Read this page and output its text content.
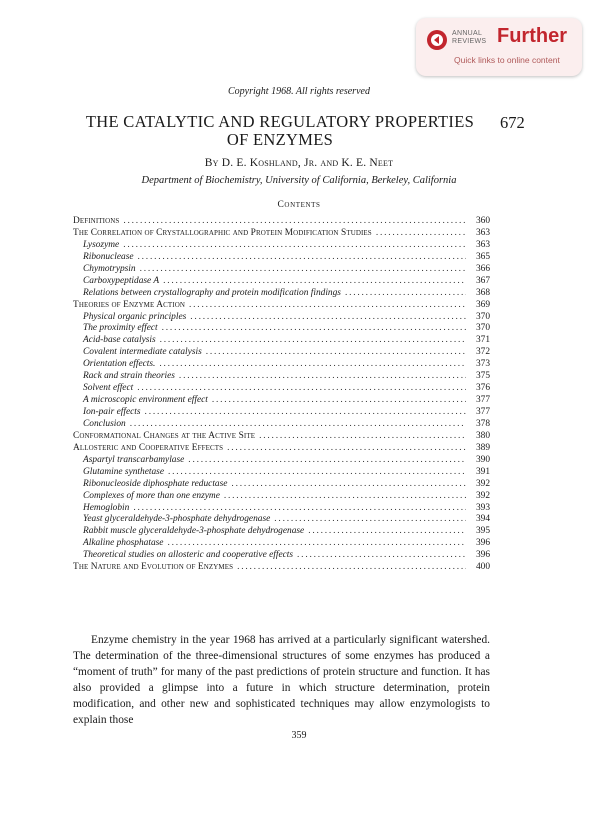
ANNUAL
REVIEWS Further
Quick links to online content
Copyright 1968. All rights reserved
THE CATALYTIC AND REGULATORY PROPERTIES
OF ENZYMES
672
By D. E. Koshland, Jr. and K. E. Neet
Department of Biochemistry, University of California, Berkeley, California
Contents
Definitions .....	360
The Correlation of Crystallographic and Protein Modification Studies .....	363
Lysozyme .....	363
Ribonuclease .....	365
Chymotrypsin .....	366
Carboxypeptidase A .....	367
Relations between crystallography and protein modification findings .....	368
Theories of Enzyme Action .....	369
Physical organic principles .....	370
The proximity effect .....	370
Acid-base catalysis .....	371
Covalent intermediate catalysis .....	372
Orientation effects. .....	373
Rack and strain theories .....	375
Solvent effect .....	376
A microscopic environment effect .....	377
Ion-pair effects .....	377
Conclusion .....	378
Conformational Changes at the Active Site .....	380
Allosteric and Cooperative Effects .....	389
Aspartyl transcarbamylase .....	390
Glutamine synthetase .....	391
Ribonucleoside diphosphate reductase .....	392
Complexes of more than one enzyme .....	392
Hemoglobin .....	393
Yeast glyceraldehyde-3-phosphate dehydrogenase .....	394
Rabbit muscle glyceraldehyde-3-phosphate dehydrogenase .....	395
Alkaline phosphatase .....	396
Theoretical studies on allosteric and cooperative effects .....	396
The Nature and Evolution of Enzymes .....	400

Enzyme chemistry in the year 1968 has arrived at a particularly significant watershed. The determination of the three-dimensional structures of some enzymes has produced a “moment of truth” for many of the past predictions of protein structure and function. It has also provided a glimpse into a future in which structure determination, protein modification, and other new and sophisticated techniques may allow enzymologists to explain those

359
